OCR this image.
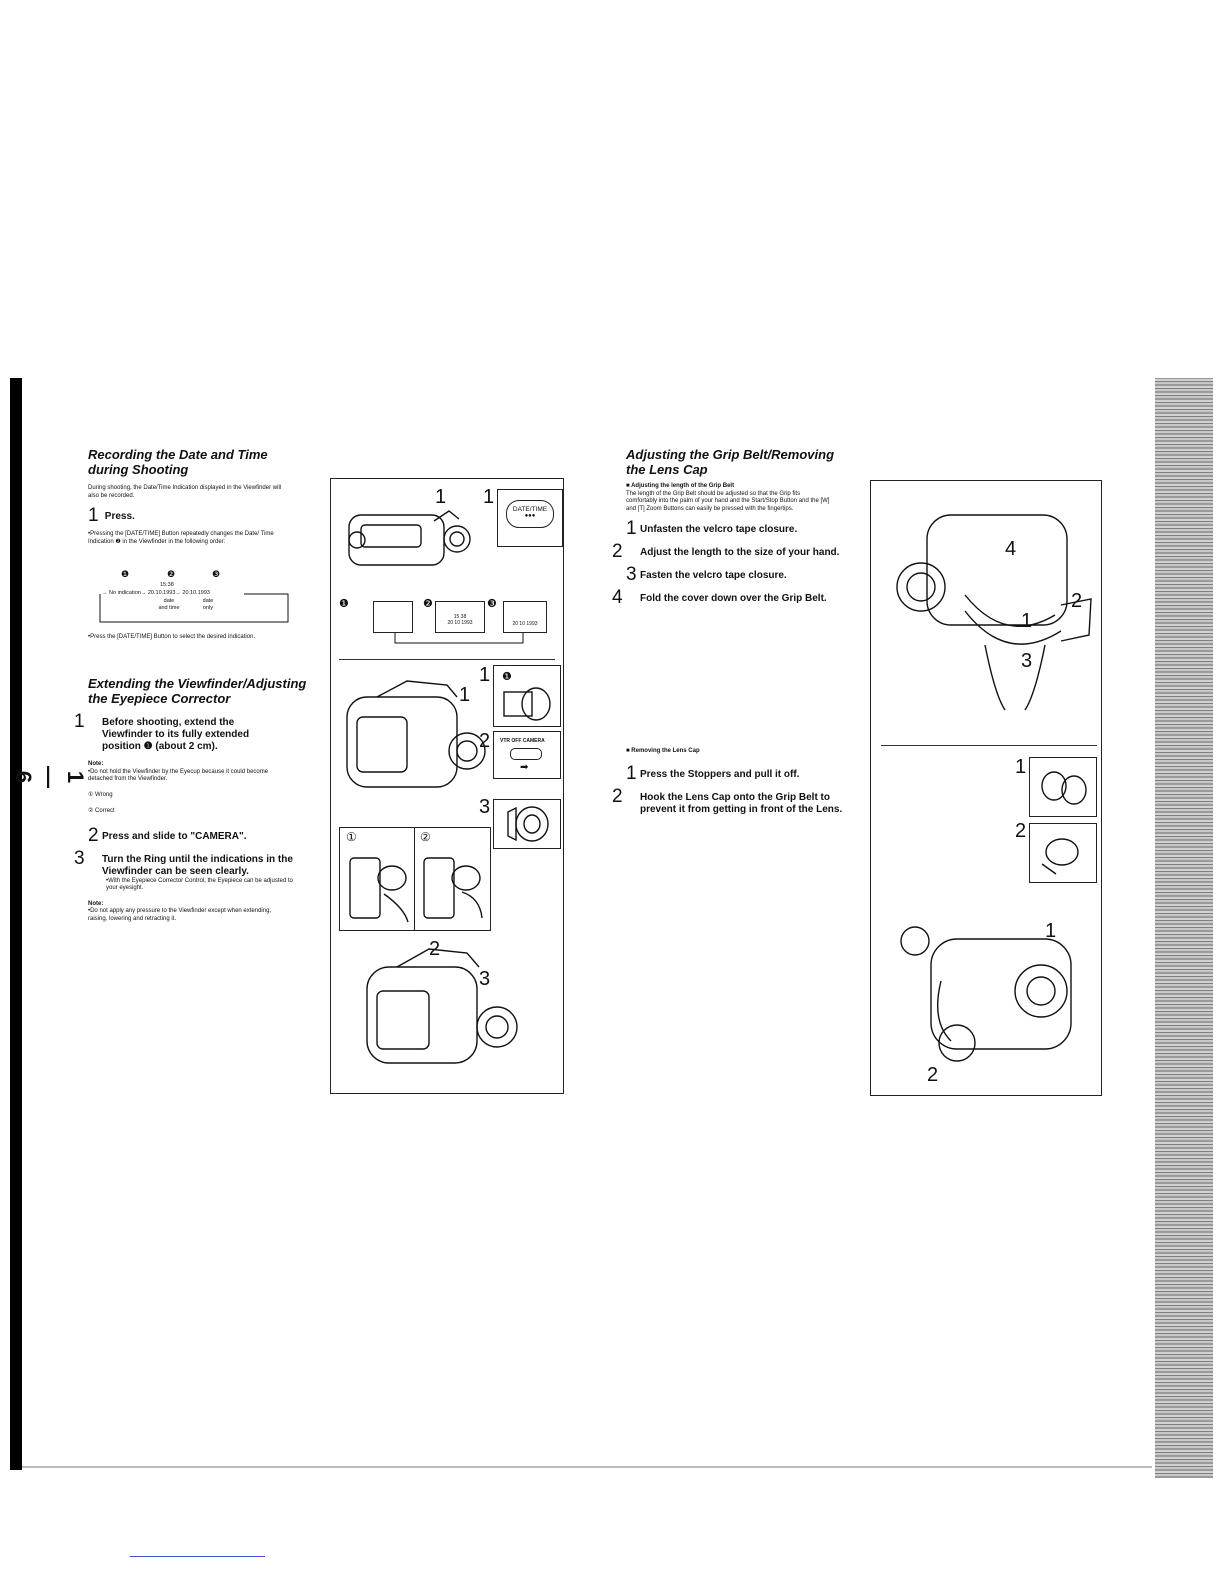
1—6
Recording the Date and Time
during Shooting
During shooting, the Date/Time Indication displayed in the Viewfinder will also be recorded.
1 Press.
•Pressing the [DATE/TIME] Button repeatedly changes the Date/ Time Indication ❷ in the Viewfinder in the following order:
❶	❷	❸
15:38
→ No indication→ 20.10.1993→ 20.10.1993
date
and time
date
only
•Press the [DATE/TIME] Button to select the desired indication.
Extending the Viewfinder/Adjusting
the Eyepiece Corrector
1 Before shooting, extend the Viewfinder to its fully extended position ❶ (about 2 cm).
Note:
•Do not hold the Viewfinder by the Eyecup because it could become detached from the Viewfinder.
① Wrong
② Correct
2 Press and slide to "CAMERA".
3 Turn the Ring until the indications in the Viewfinder can be seen clearly.
•With the Eyepiece Corrector Control, the Eyepiece can be adjusted to your eyesight.
Note:
•Do not apply any pressure to the Viewfinder except when extending, raising, lowering and retracting it.
1 1
DATE/TIME
●●●
❶	❷
15 38
20 10 1993
❸
20 10 1993
1
1
2
❶
VTR OFF CAMERA
➡
3
①	②
2
3
Adjusting the Grip Belt/Removing
the Lens Cap
■ Adjusting the length of the Grip Belt
The length of the Grip Belt should be adjusted so that the Grip fits comfortably into the palm of your hand and the Start/Stop Button and the [W] and [T] Zoom Buttons can easily be pressed with the fingertips.
1 Unfasten the velcro tape closure.
2 Adjust the length to the size of your hand.
3 Fasten the velcro tape closure.
4 Fold the cover down over the Grip Belt.
■ Removing the Lens Cap
1 Press the Stoppers and pull it off.
2 Hook the Lens Cap onto the Grip Belt to prevent it from getting in front of the Lens.
4
2
1
3
1
2
1
2
